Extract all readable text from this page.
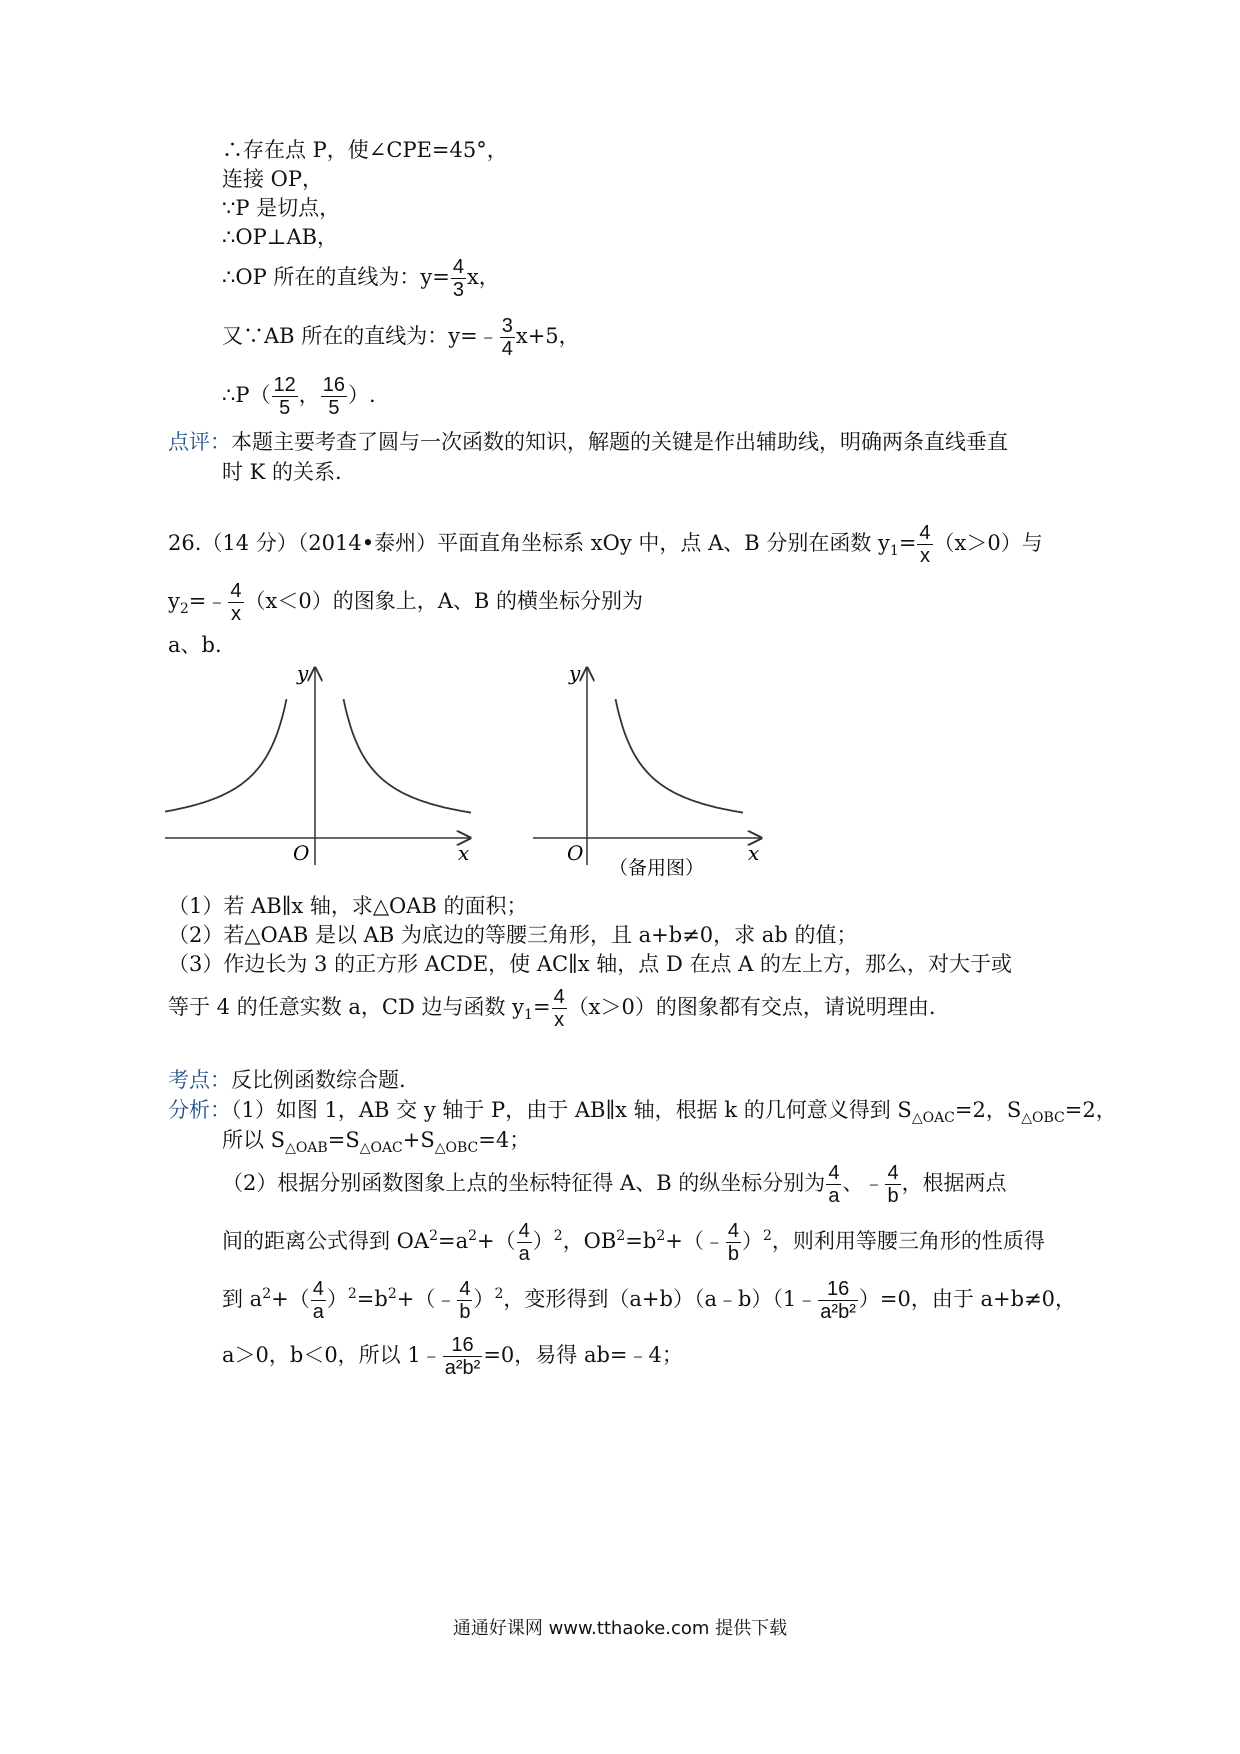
∴存在点 P，使∠CPE=45°，
连接 OP，
∵P 是切点，
∴OP⊥AB，
∴OP 所在的直线为：$y= \frac{4}{3}$ x，
又∵AB 所在的直线为：y=﹣ $\frac{3}{4} x+5$，
∴P（ $\frac{12}{5}$ ， $\frac{16}{5}$ ）.
点评：本题主要考查了圆与一次函数的知识，解题的关键是作出辅助线，明确两条直线垂直
时 K 的关系.
26.（14 分）（2014•泰州）平面直角坐标系 xOy 中，点 A、B 分别在函数 $y_1= \frac{4}{x} (x>0)$与
$y_2=﹣ \frac{4}{x} (x<0)$的图象上，A、B 的横坐标分别为
a、b.
y
x
O
y
x
O
（备用图）
（1）若 AB∥x 轴，求△OAB 的面积；
（2）若△OAB 是以 AB 为底边的等腰三角形，且 a+b≠0，求 ab 的值；
（3）作边长为 3 的正方形 ACDE，使 AC∥x 轴，点 D 在点 A 的左上方，那么，对大于或
等于 4 的任意实数 a，CD 边与函数 $y_1= \frac{4}{x} (x>0)$的图象都有交点，请说明理由.
考点：反比例函数综合题.
分析：（1）如图 1，AB 交 y 轴于 P，由于 AB∥x 轴，根据 k 的几何意义得到 $S_{\triangle OAC}=2$，$S_{\triangle OBC}=2$，
所以 $S_{\triangle OAB}=S_{\triangle OAC}+S_{\triangle OBC}=4$；
（2）根据分别函数图象上点的坐标特征得 A、B 的纵坐标分别为 $\frac{4}{a}$ 、﹣ $\frac{4}{b}$ ，根据两点
间的距离公式得到 $OA^2=a^2+( \frac{4}{a} )^2$，$OB^2=b^2+(﹣ \frac{4}{b} )^2$，则利用等腰三角形的性质得
到 $a^2+( \frac{4}{a}$ ）$^2=b^2+(﹣ \frac{4}{b} )^2$，变形得到（a+b）（a﹣b）（1﹣ $\frac{16}{\text{a²b²}} )=0$，由于 a+b≠0，
a＞0，b＜0，所以 1﹣ $\frac{16}{\text{a²b²}} =0$，易得 ab=﹣4；
通通好课网 www.tthaoke.com 提供下载
